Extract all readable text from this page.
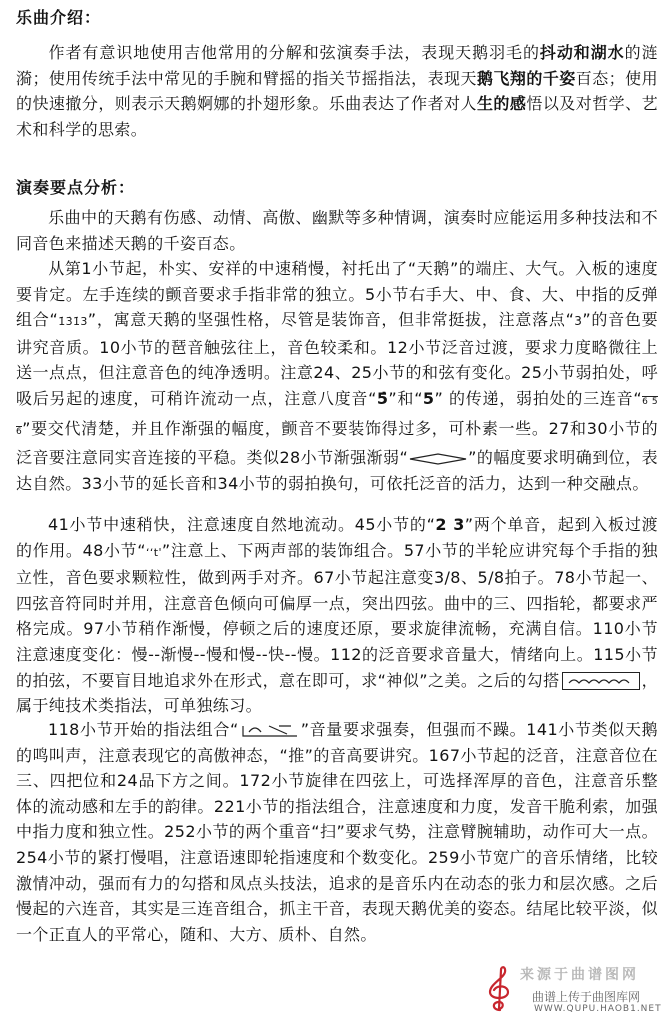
乐曲介绍：

作者有意识地使用吉他常用的分解和弦演奏手法，表现天鹅羽毛的抖动和湖水的涟漪；使用传统手法中常见的手腕和臂摇的指关节摇指法，表现天鹅飞翔的千姿百态；使用的快速撤分，则表示天鹅婀娜的扑翅形象。乐曲表达了作者对人生的感悟以及对哲学、艺术和科学的思索。

演奏要点分析：

乐曲中的天鹅有伤感、动情、高傲、幽默等多种情调，演奏时应能运用多种技法和不同音色来描述天鹅的千姿百态。

从第1小节起，朴实、安祥的中速稍慢，衬托出了“天鹅”的端庄、大气。入板的速度要肯定。左手连续的颤音要求手指非常的独立。5小节右手大、中、食、大、中指的反弹组合“1̇3̇1̇3”，寓意天鹅的坚强性格，尽管是装饰音，但非常挺拔，注意落点“3”的音色要讲究音质。10小节的琶音触弦往上，音色较柔和。12小节泛音过渡，要求力度略微往上送一点点，但注意音色的纯净透明。注意24、25小节的和弦有变化。25小节弱拍处，呼吸后另起的速度，可稍许流动一点，注意八度音“5̇”和“5” 的传递，弱拍处的三连音“6 5 6”要交代清楚，并且作渐强的幅度，颤音不要装饰得过多，可朴素一些。27和30小节的泛音要注意同实音连接的平稳。类似28小节渐强渐弱“	”的幅度要求明确到位，表达自然。33小节的延长音和34小节的弱拍换句，可依托泛音的活力，达到一种交融点。

41小节中速稍快，注意速度自然地流动。45小节的“2 3”两个单音，起到入板过渡的作用。48小节“ʻʻt'”注意上、下两声部的装饰组合。57小节的半轮应讲究每个手指的独立性，音色要求颗粒性，做到两手对齐。67小节起注意变3/8、5/8拍子。78小节起一、四弦音符同时并用，注意音色倾向可偏厚一点，突出四弦。曲中的三、四指轮，都要求严格完成。97小节稍作渐慢，停顿之后的速度还原，要求旋律流畅，充满自信。110小节注意速度变化：慢--渐慢--慢和慢--快--慢。112的泛音要求音量大，情绪向上。115小节的拍弦，不要盲目地追求外在形式，意在即可，求“神似”之美。之后的勾搭	，属于纯技术类指法，可单独练习。

118小节开始的指法组合“	”音量要求强奏，但强而不躁。141小节类似天鹅的鸣叫声，注意表现它的高傲神态，“推”的音高要讲究。167小节起的泛音，注意音位在三、四把位和24品下方之间。172小节旋律在四弦上，可选择浑厚的音色，注意音乐整体的流动感和左手的韵律。221小节的指法组合，注意速度和力度，发音干脆利索，加强中指力度和独立性。252小节的两个重音“扫”要求气势，注意臂腕辅助，动作可大一点。254小节的紧打慢唱，注意语速即轮指速度和个数变化。259小节宽广的音乐情绪，比较激情冲动，强而有力的勾搭和凤点头技法，追求的是音乐内在动态的张力和层次感。之后慢起的六连音，其实是三连音组合，抓主干音，表现天鹅优美的姿态。结尾比较平淡，似一个正直人的平常心，随和、大方、质朴、自然。

来源于曲谱图网
曲谱上传于曲图库网
WWW.QUPU.HAOB1.NET
